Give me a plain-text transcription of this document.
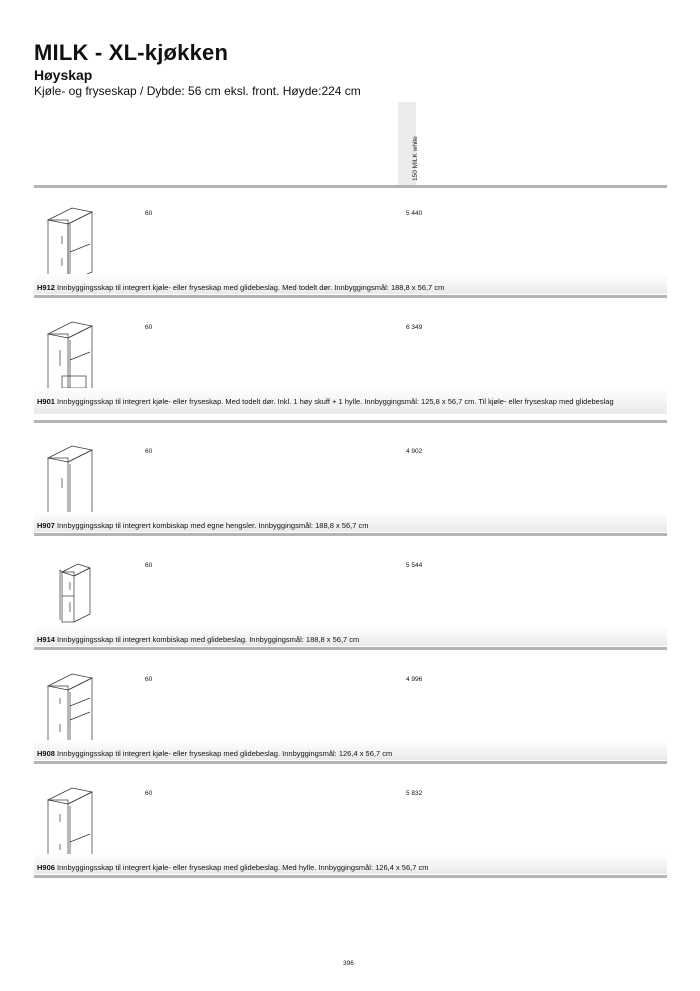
MILK - XL-kjøkken
Høyskap
Kjøle- og fryseskap / Dybde: 56 cm eksl. front. Høyde:224 cm
150 MILK white
60	5 440
H912 Innbyggingsskap til integrert kjøle- eller fryseskap med glidebeslag. Med todelt dør. Innbyggingsmål: 188,8 x 56,7 cm
60	6 349
H901 Innbyggingsskap til integrert kjøle- eller fryseskap. Med todelt dør. Inkl. 1 høy skuff + 1 hylle. Innbyggingsmål: 125,8 x 56,7 cm. Til kjøle- eller fryseskap med glidebeslag
60	4 902
H907 Innbyggingsskap til integrert kombiskap med egne hengsler. Innbyggingsmål: 188,8 x 56,7 cm
60	5 544
H914 Innbyggingsskap til integrert kombiskap med glidebeslag. Innbyggingsmål: 188,8 x 56,7 cm
60	4 996
H908 Innbyggingsskap til integrert kjøle- eller fryseskap med glidebeslag. Innbyggingsmål: 126,4 x 56,7 cm
60	5 832
H906 Innbyggingsskap til integrert kjøle- eller fryseskap med glidebeslag. Med hylle. Innbyggingsmål: 126,4 x 56,7 cm
396
